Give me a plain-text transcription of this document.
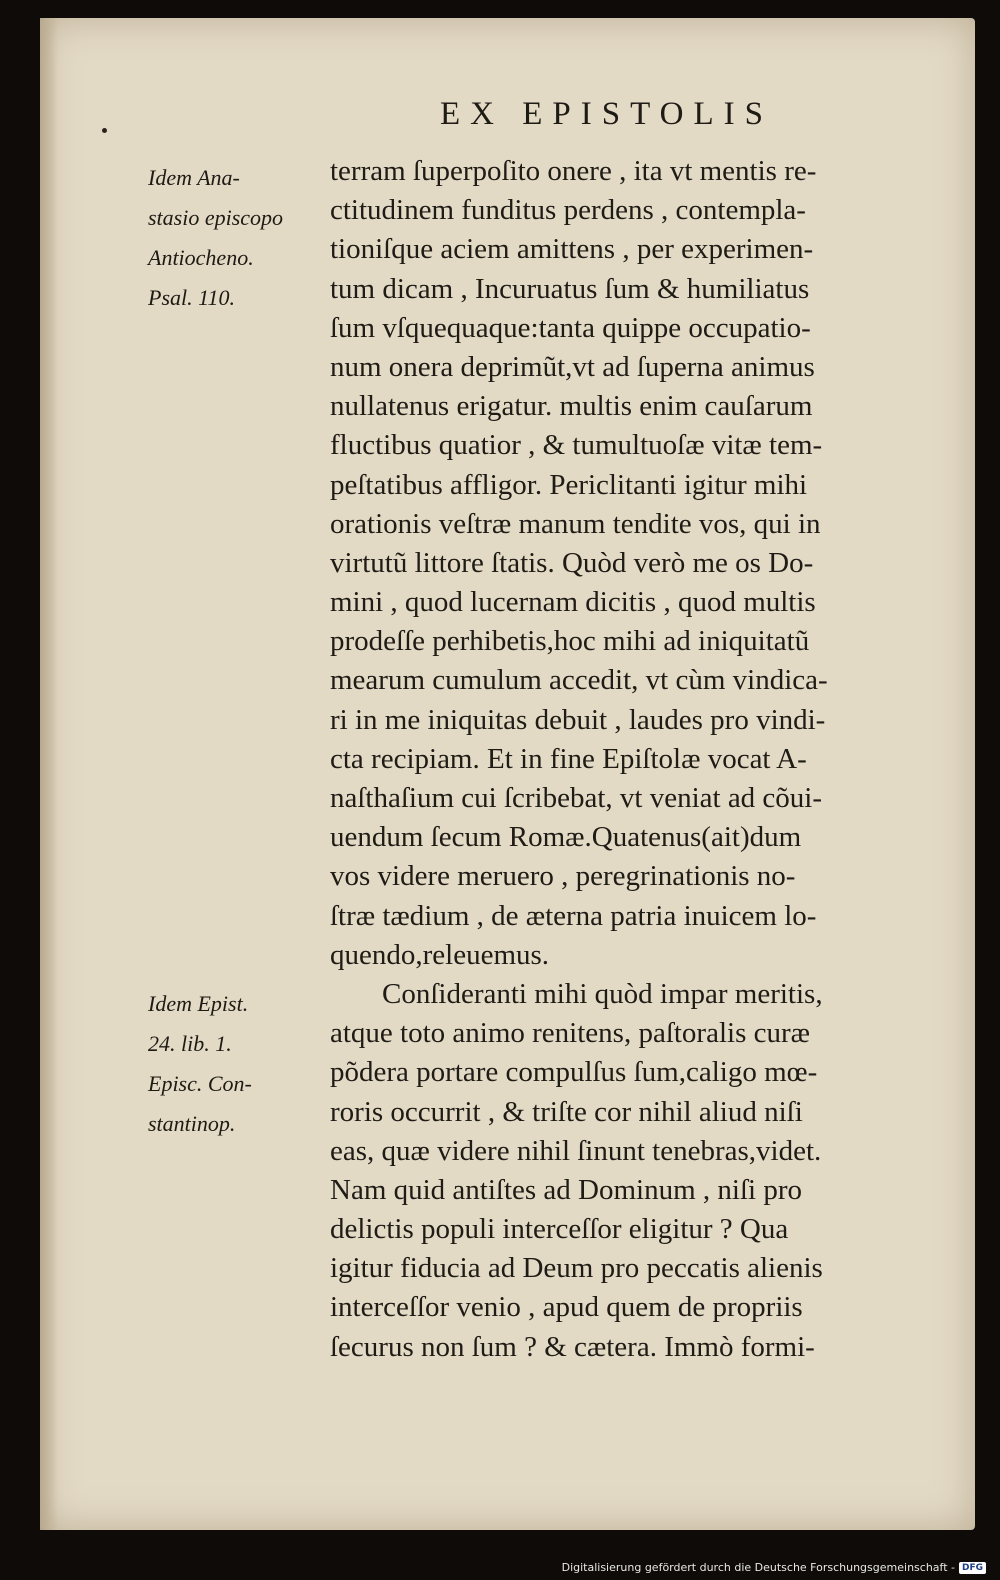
EX EPISTOLIS
Idem Ana-
stasio episcopo
Antiocheno.
Psal. 110.
Idem Epist.
24. lib. 1.
Episc. Con-
stantinop.
terram ſuperpoſito onere , ita vt mentis re-
ctitudinem funditus perdens , contempla-
tioniſque aciem amittens , per experimen-
tum dicam , Incuruatus ſum & humiliatus
ſum vſquequaque:tanta quippe occupatio-
num onera deprimũt,vt ad ſuperna animus
nullatenus erigatur. multis enim cauſarum
fluctibus quatior , & tumultuoſæ vitæ tem-
peſtatibus affligor. Periclitanti igitur mihi
orationis veſtræ manum tendite vos, qui in
virtutũ littore ſtatis. Quòd verò me os Do-
mini , quod lucernam dicitis , quod multis
prodeſſe perhibetis,hoc mihi ad iniquitatũ
mearum cumulum accedit, vt cùm vindica-
ri in me iniquitas debuit , laudes pro vindi-
cta recipiam. Et in fine Epiſtolæ vocat A-
naſthaſium cui ſcribebat, vt veniat ad cõui-
uendum ſecum Romæ.Quatenus(ait)dum
vos videre meruero , peregrinationis no-
ſtræ tædium , de æterna patria inuicem lo-
quendo,releuemus.
Conſideranti mihi quòd impar meritis,
atque toto animo renitens, paſtoralis curæ
põdera portare compulſus ſum,caligo mœ-
roris occurrit , & triſte cor nihil aliud niſi
eas, quæ videre nihil ſinunt tenebras,videt.
Nam quid antiſtes ad Dominum , niſi pro
delictis populi interceſſor eligitur ? Qua
igitur fiducia ad Deum pro peccatis alienis
interceſſor venio , apud quem de propriis
ſecurus non ſum ? & cætera. Immò formi-
Digitalisierung gefördert durch die Deutsche Forschungsgemeinschaft - DFG
